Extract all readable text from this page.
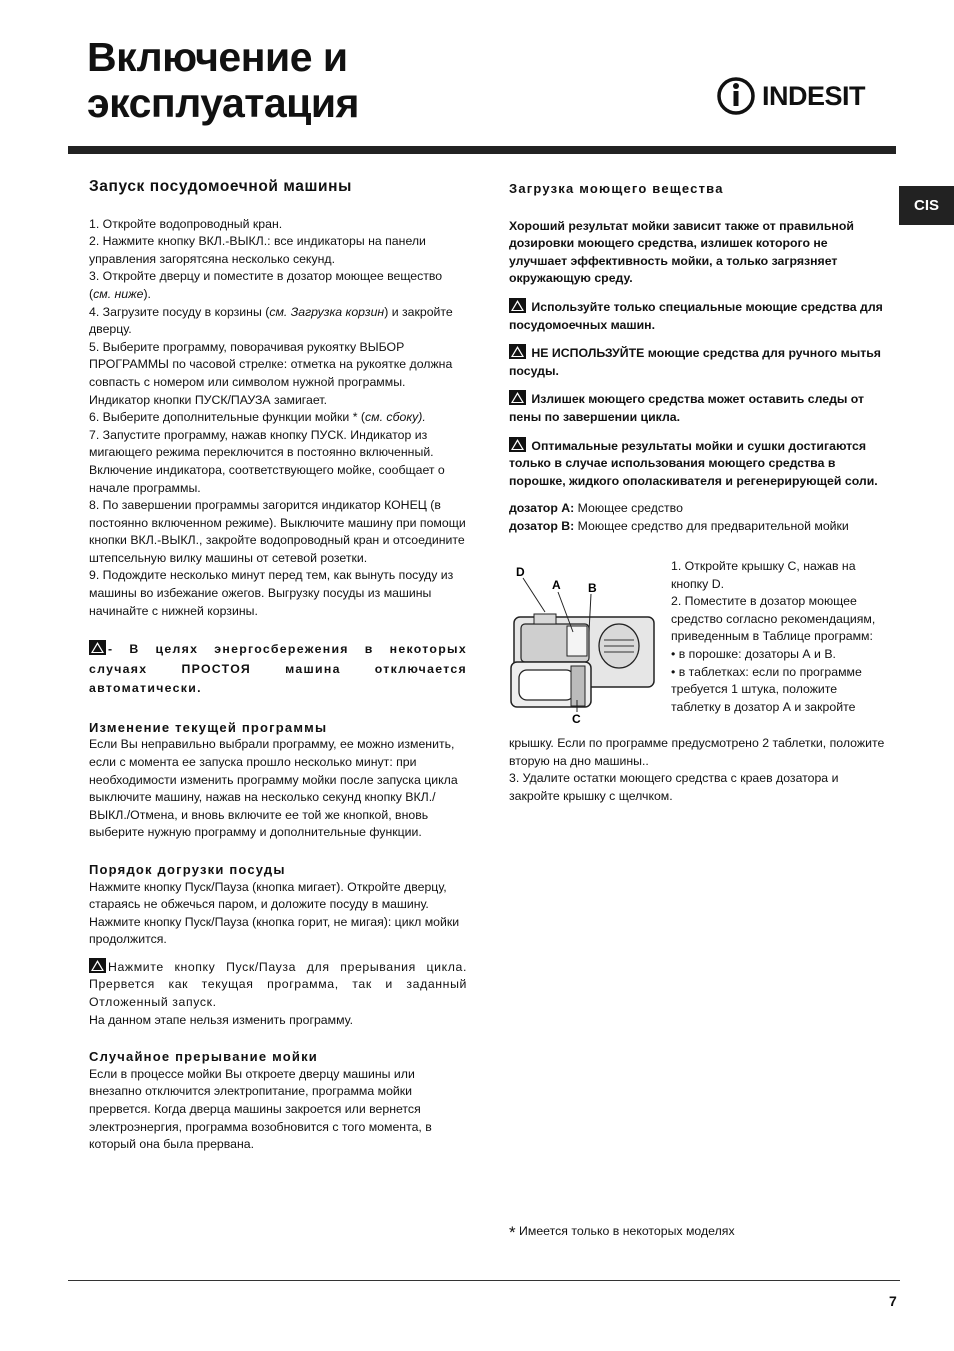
Включение и
эксплуатация	INDESIT
CIS
Запуск посудомоечной машины

1. Откройте водопроводный кран.

2. Нажмите кнопку ВКЛ.-ВЫКЛ.: все индикаторы на панели управления загорятсяна несколько секунд.

3. Откройте дверцу и поместите в дозатор моющее вещество (см. ниже).

4. Загрузите посуду в корзины (см. Загрузка корзин) и закройте дверцу.

5. Выберите программу, поворачивая рукоятку ВЫБОР ПРОГРАММЫ по часовой стрелке: отметка на рукоятке должна совпасть с номером или символом нужной программы. Индикатор кнопки ПУСК/ПАУЗА замигает.

6. Выберите дополнительные функции мойки * (см. сбоку).

7. Запустите программу, нажав кнопку ПУСК. Индикатор из мигающего режима переключится в постоянно включенный. Включение индикатора, соответствующего мойке, сообщает о начале программы.

8. По завершении программы загорится индикатор КОНЕЦ (в постоянно включенном режиме). Выключите машину при помощи кнопки ВКЛ.-ВЫКЛ., закройте водопроводный кран и отсоедините штепсельную вилку машины от сетевой розетки.

9. Подождите несколько минут перед тем, как вынуть посуду из машины во избежание ожегов. Выгрузку посуды из машины начинайте с нижней корзины.

- В целях энергосбережения в некоторых случаях ПРОСТОЯ машина отключается автоматически.

Изменение текущей программы

Если Вы неправильно выбрали программу, ее можно изменить, если с момента ее запуска прошло несколько минут: при необходимости изменить программу мойки после запуска цикла выключите машину, нажав на несколько секунд кнопку ВКЛ./ВЫКЛ./Отмена, и вновь включите ее той же кнопкой, вновь выберите нужную программу и дополнительные функции.

Порядок догрузки посуды

Нажмите кнопку Пуск/Пауза (кнопка мигает). Откройте дверцу, стараясь не обжечься паром, и доложите посуду в машину. Нажмите кнопку Пуск/Пауза (кнопка горит, не мигая): цикл мойки продолжится.

Нажмите кнопку Пуск/Пауза для прерывания цикла. Прервется как текущая программа, так и заданный Отложенный запуск.

На данном этапе нельзя изменить программу.

Случайное прерывание мойки

Если в процессе мойки Вы откроете дверцу машины или внезапно отключится электропитание, программа мойки прервется. Когда дверца машины закроется или вернется электроэнергия, программа возобновится с того момента, в который она была прервана.

Загрузка моющего вещества

Хороший результат мойки зависит также от правильной дозировки моющего средства, излишек которого не улучшает эффективность мойки, а только загрязняет окружающую среду.

Используйте только специальные моющие средства для посудомоечных машин.

НЕ ИСПОЛЬЗУЙТЕ моющие средства для ручного мытья посуды.

Излишек моющего средства может оставить следы от пены по завершении цикла.

Оптимальные результаты мойки и сушки достигаются только в случае использования моющего средства в порошке, жидкого ополаскивателя и регенерирующей соли.

дозатор A: Моющее средство

дозатор B: Моющее средство для предварительной мойки

D
A B
C

1. Откройте крышку С, нажав на кнопку D.

2. Поместите в дозатор моющее средство согласно рекомендациям, приведенным в Таблице программ:

• в порошке: дозаторы А и В.

• в таблетках: если по программе требуется 1 штука, положите таблетку в дозатор А и закройте

крышку. Если по программе предусмотрено 2 таблетки, положите вторую на дно машины..

3. Удалите остатки моющего средства с краев дозатора и закройте крышку с щелчком.

* Имеется только в некоторых моделях
7
